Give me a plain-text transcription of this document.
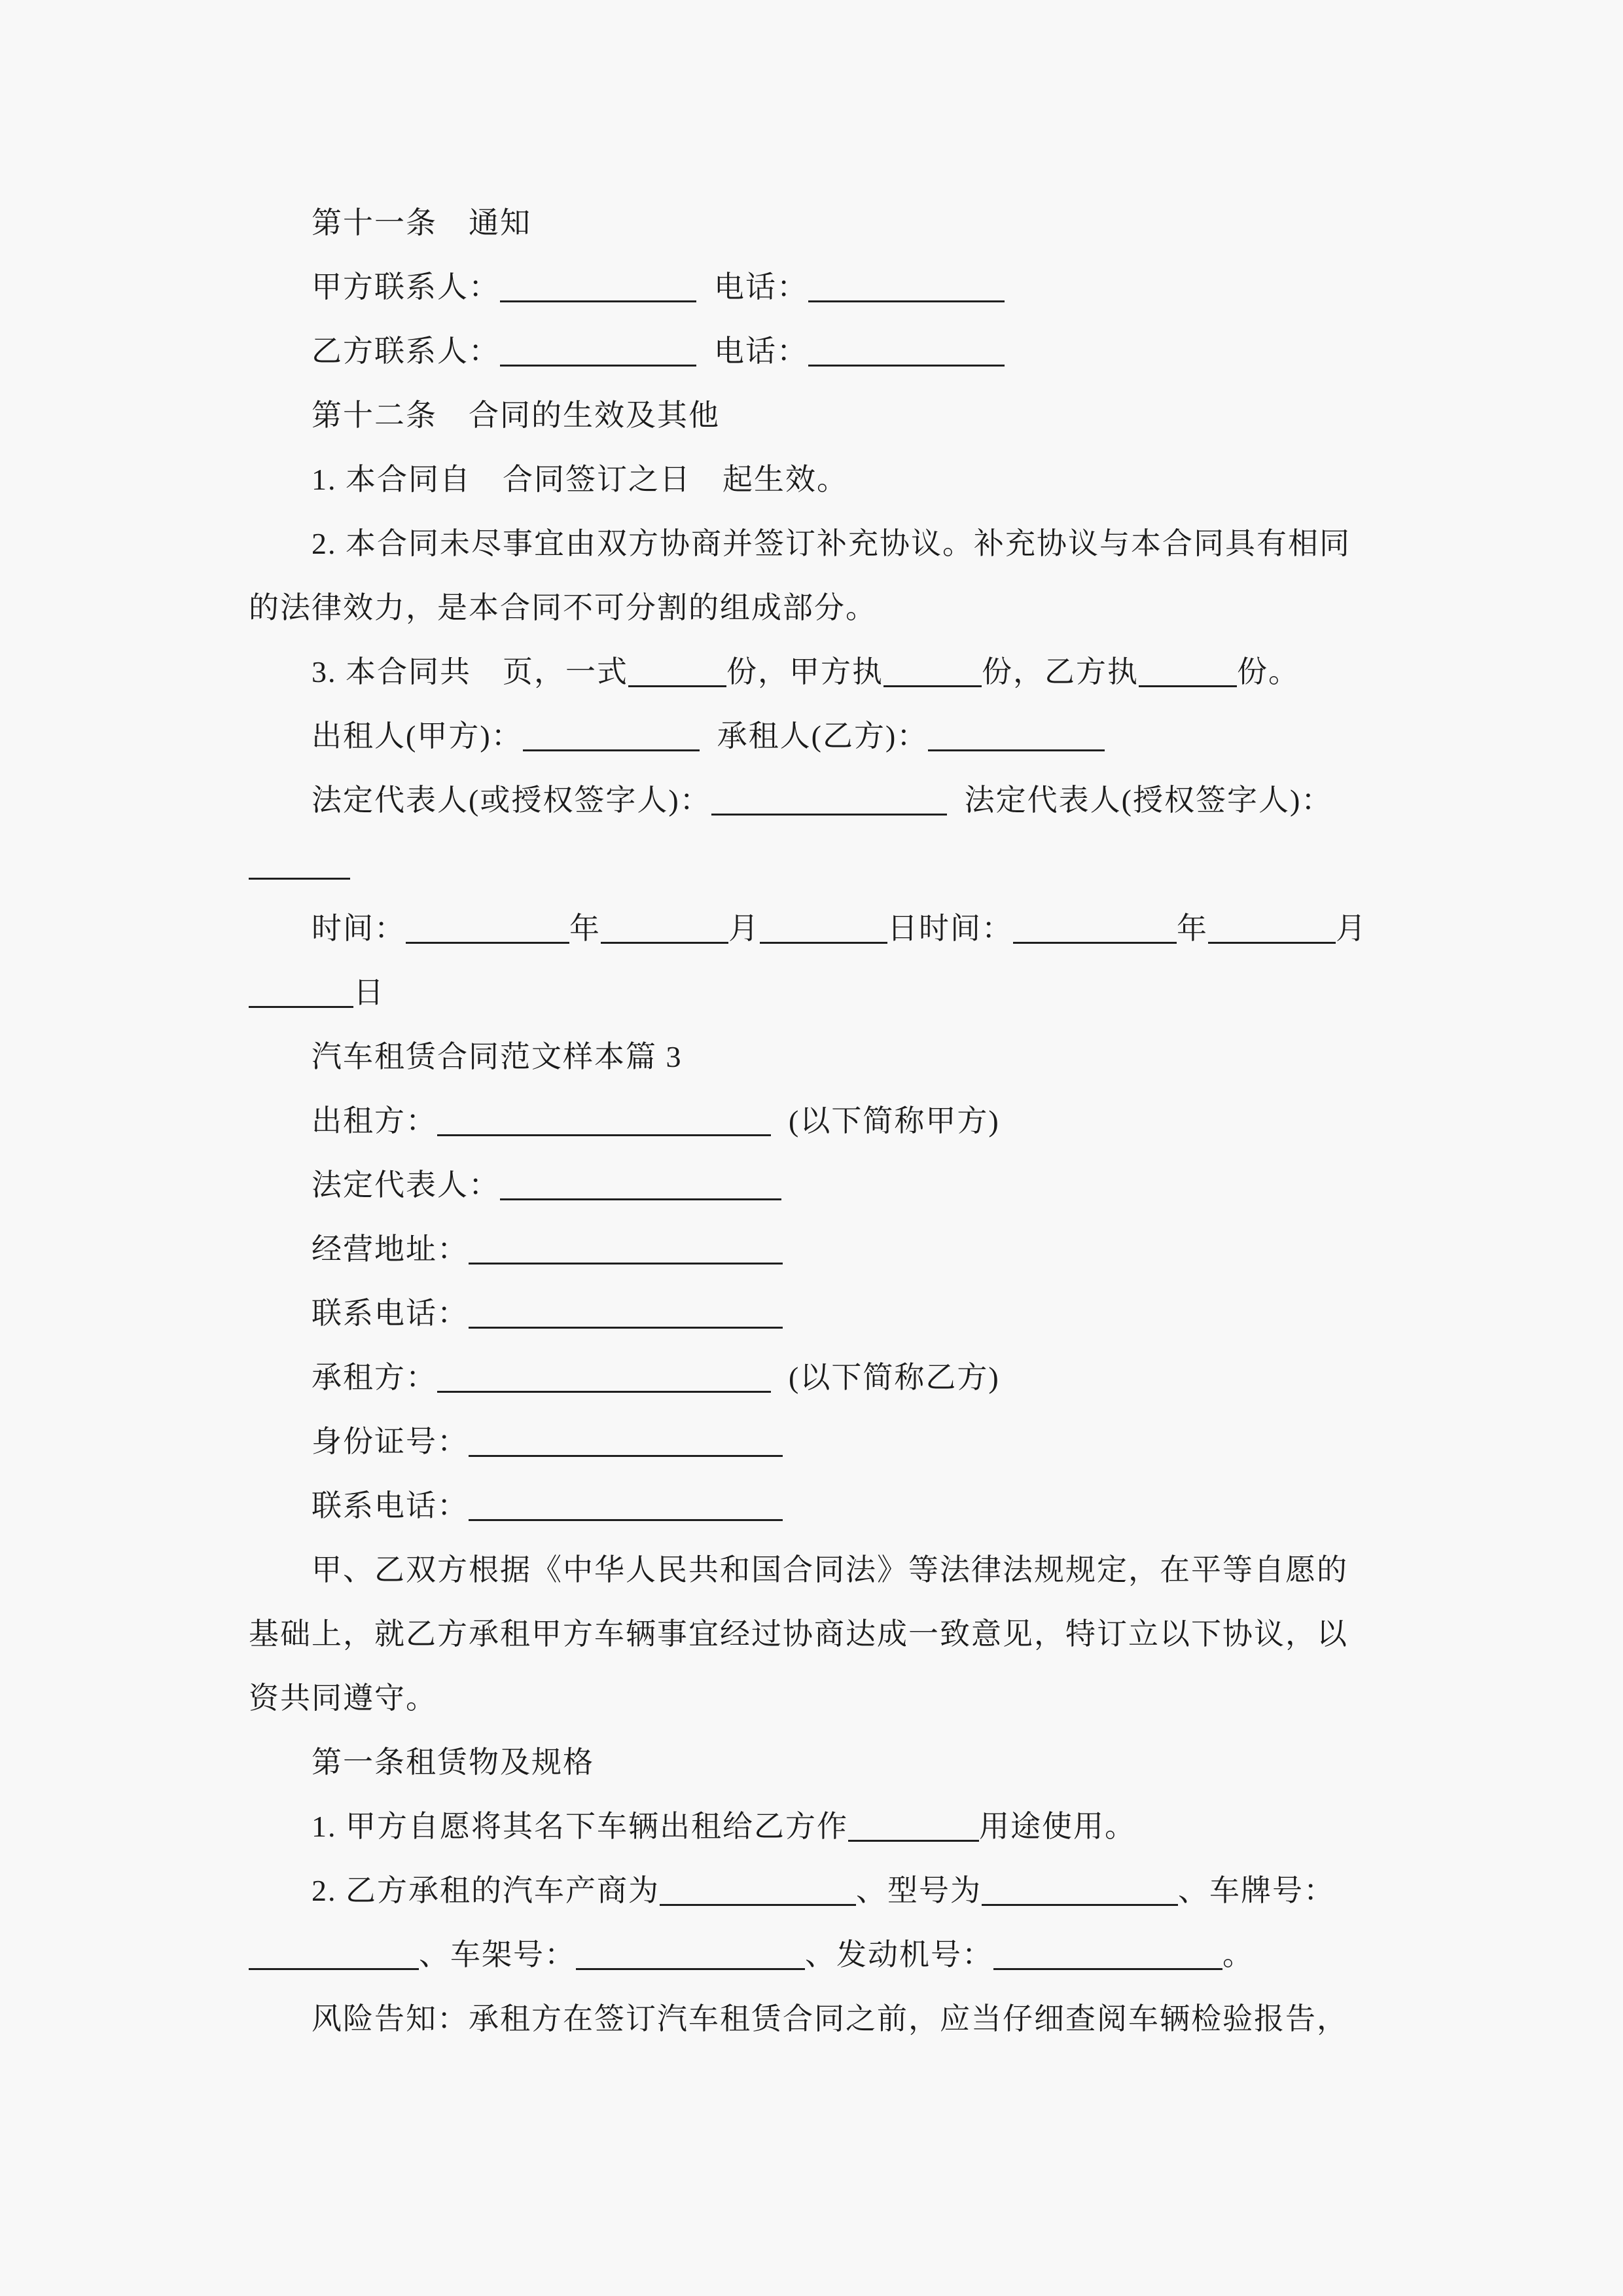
第十一条　通知
甲方联系人：	电话：
乙方联系人：	电话：
第十二条　合同的生效及其他
1. 本合同自　合同签订之日　起生效。
2. 本合同未尽事宜由双方协商并签订补充协议。补充协议与本合同具有相同
的法律效力，是本合同不可分割的组成部分。
3. 本合同共　页，一式	份，甲方执	份，乙方执	份。
出租人(甲方)：	承租人(乙方)：
法定代表人(或授权签字人)：	法定代表人(授权签字人)：
时间：	年	月	日时间：	年	月
日
汽车租赁合同范文样本篇 3
出租方：	(以下简称甲方)
法定代表人：
经营地址：
联系电话：
承租方：	(以下简称乙方)
身份证号：
联系电话：
甲、乙双方根据《中华人民共和国合同法》等法律法规规定，在平等自愿的
基础上，就乙方承租甲方车辆事宜经过协商达成一致意见，特订立以下协议，以
资共同遵守。
第一条租赁物及规格
1. 甲方自愿将其名下车辆出租给乙方作	用途使用。
2. 乙方承租的汽车产商为	、型号为	、车牌号：
、车架号：	、发动机号：	。
风险告知：承租方在签订汽车租赁合同之前，应当仔细查阅车辆检验报告，
